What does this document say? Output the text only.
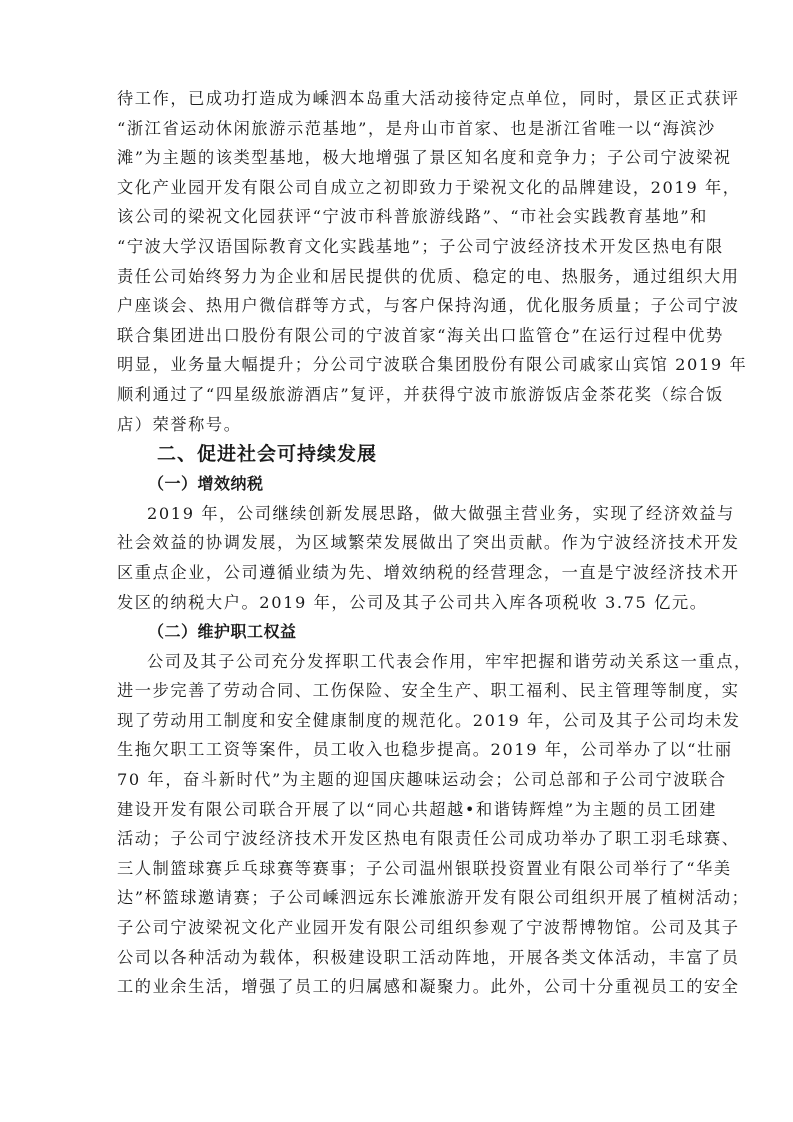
待工作，已成功打造成为嵊泗本岛重大活动接待定点单位，同时，景区正式获评
“浙江省运动休闲旅游示范基地”，是舟山市首家、也是浙江省唯一以“海滨沙
滩”为主题的该类型基地，极大地增强了景区知名度和竞争力；子公司宁波梁祝
文化产业园开发有限公司自成立之初即致力于梁祝文化的品牌建设，2019 年，
该公司的梁祝文化园获评“宁波市科普旅游线路”、“市社会实践教育基地”和
“宁波大学汉语国际教育文化实践基地”；子公司宁波经济技术开发区热电有限
责任公司始终努力为企业和居民提供的优质、稳定的电、热服务，通过组织大用
户座谈会、热用户微信群等方式，与客户保持沟通，优化服务质量；子公司宁波
联合集团进出口股份有限公司的宁波首家“海关出口监管仓”在运行过程中优势
明显，业务量大幅提升；分公司宁波联合集团股份有限公司戚家山宾馆 2019 年
顺利通过了“四星级旅游酒店”复评，并获得宁波市旅游饭店金茶花奖（综合饭
店）荣誉称号。
二、促进社会可持续发展
（一）增效纳税
2019 年，公司继续创新发展思路，做大做强主营业务，实现了经济效益与
社会效益的协调发展，为区域繁荣发展做出了突出贡献。作为宁波经济技术开发
区重点企业，公司遵循业绩为先、增效纳税的经营理念，一直是宁波经济技术开
发区的纳税大户。2019 年，公司及其子公司共入库各项税收 3.75 亿元。
（二）维护职工权益
公司及其子公司充分发挥职工代表会作用，牢牢把握和谐劳动关系这一重点，
进一步完善了劳动合同、工伤保险、安全生产、职工福利、民主管理等制度，实
现了劳动用工制度和安全健康制度的规范化。2019 年，公司及其子公司均未发
生拖欠职工工资等案件，员工收入也稳步提高。2019 年，公司举办了以“壮丽
70 年，奋斗新时代”为主题的迎国庆趣味运动会；公司总部和子公司宁波联合
建设开发有限公司联合开展了以“同心共超越•和谐铸辉煌”为主题的员工团建
活动；子公司宁波经济技术开发区热电有限责任公司成功举办了职工羽毛球赛、
三人制篮球赛乒乓球赛等赛事；子公司温州银联投资置业有限公司举行了“华美
达”杯篮球邀请赛；子公司嵊泗远东长滩旅游开发有限公司组织开展了植树活动；
子公司宁波梁祝文化产业园开发有限公司组织参观了宁波帮博物馆。公司及其子
公司以各种活动为载体，积极建设职工活动阵地，开展各类文体活动，丰富了员
工的业余生活，增强了员工的归属感和凝聚力。此外，公司十分重视员工的安全
